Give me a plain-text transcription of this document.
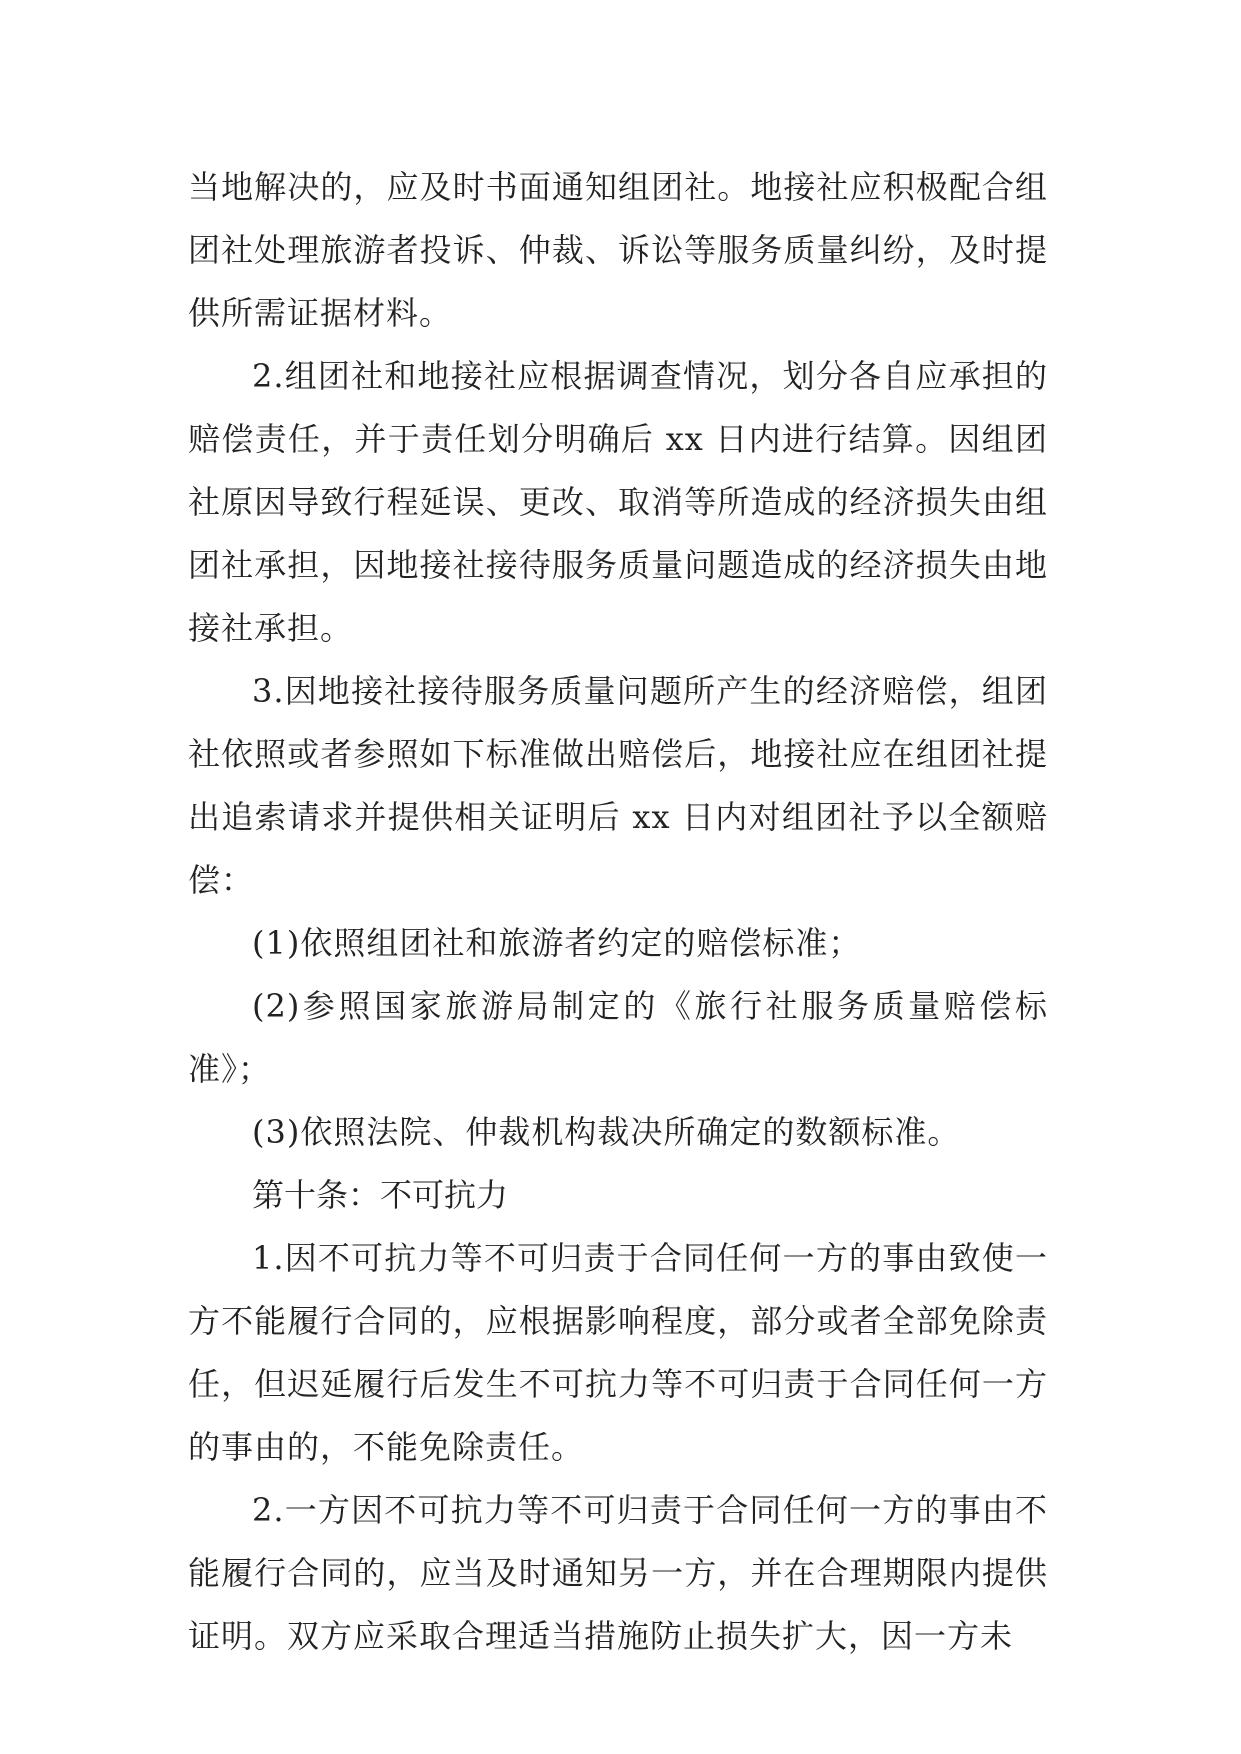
当地解决的，应及时书面通知组团社。地接社应积极配合组团社处理旅游者投诉、仲裁、诉讼等服务质量纠纷，及时提供所需证据材料。

2.组团社和地接社应根据调查情况，划分各自应承担的赔偿责任，并于责任划分明确后 xx 日内进行结算。因组团社原因导致行程延误、更改、取消等所造成的经济损失由组团社承担，因地接社接待服务质量问题造成的经济损失由地接社承担。

3.因地接社接待服务质量问题所产生的经济赔偿，组团社依照或者参照如下标准做出赔偿后，地接社应在组团社提出追索请求并提供相关证明后 xx 日内对组团社予以全额赔偿：

(1)依照组团社和旅游者约定的赔偿标准；

(2)参照国家旅游局制定的《旅行社服务质量赔偿标准》；

(3)依照法院、仲裁机构裁决所确定的数额标准。

第十条：不可抗力

1.因不可抗力等不可归责于合同任何一方的事由致使一方不能履行合同的，应根据影响程度，部分或者全部免除责任，但迟延履行后发生不可抗力等不可归责于合同任何一方的事由的，不能免除责任。

2.一方因不可抗力等不可归责于合同任何一方的事由不能履行合同的，应当及时通知另一方，并在合理期限内提供证明。双方应采取合理适当措施防止损失扩大，因一方未
